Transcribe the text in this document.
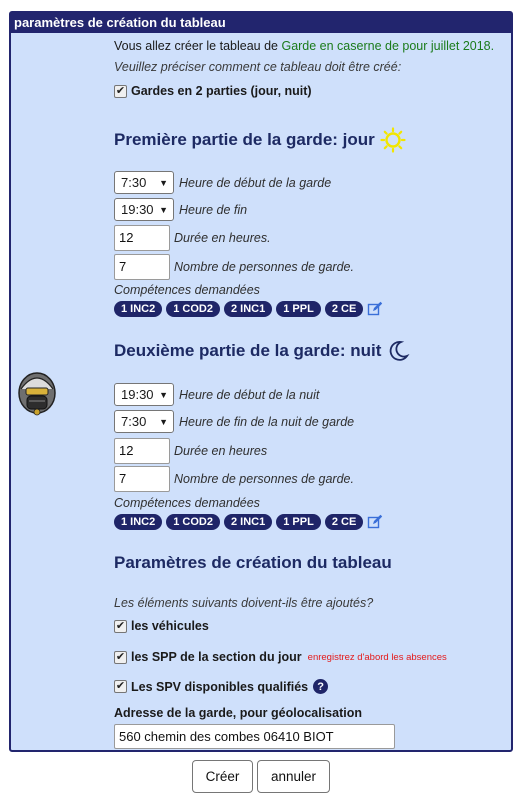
paramètres de création du tableau
Vous allez créer le tableau de Garde en caserne de pour juillet 2018.
Veuillez préciser comment ce tableau doit être créé:
✔ Gardes en 2 parties (jour, nuit)
Première partie de la garde: jour
7:30 ▼ Heure de début de la garde
19:30 ▼ Heure de fin
12	Durée en heures.
7	Nombre de personnes de garde.
Compétences demandées
1 INC2	1 COD2	2 INC1	1 PPL	2 CE
Deuxième partie de la garde: nuit
19:30 ▼ Heure de début de la nuit
7:30 ▼ Heure de fin de la nuit de garde
12	Durée en heures
7	Nombre de personnes de garde.
Compétences demandées
1 INC2	1 COD2	2 INC1	1 PPL	2 CE
Paramètres de création du tableau
Les éléments suivants doivent-ils être ajoutés?
✔ les véhicules
✔ les SPP de la section du jour enregistrez d'abord les absences
✔ Les SPV disponibles qualifiés ?
Adresse de la garde, pour géolocalisation
560 chemin des combes 06410 BIOT
Créer	annuler
